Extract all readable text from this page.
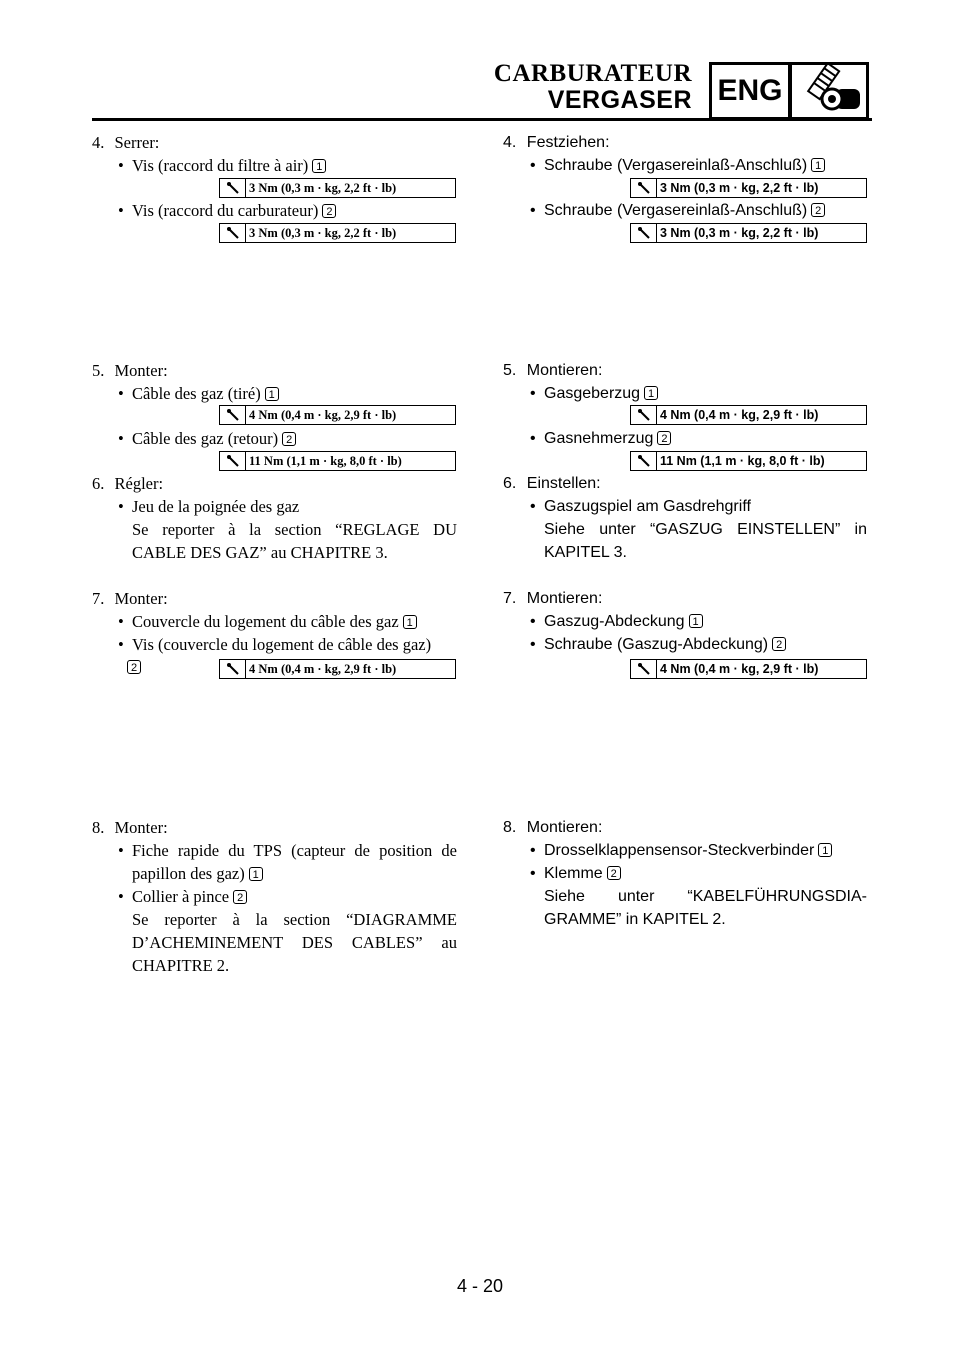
CARBURATEUR
VERGASER ENG
4. Serrer:
• Vis (raccord du filtre à air) 1
3 Nm (0,3 m · kg, 2,2 ft · lb)
• Vis (raccord du carburateur) 2
3 Nm (0,3 m · kg, 2,2 ft · lb)
5. Monter:
• Câble des gaz (tiré) 1
4 Nm (0,4 m · kg, 2,9 ft · lb)
• Câble des gaz (retour) 2
11 Nm (1,1 m · kg, 8,0 ft · lb)
6. Régler:
• Jeu de la poignée des gaz
Se reporter à la section “REGLAGE DU
CABLE DES GAZ” au CHAPITRE 3.
7. Monter:
• Couvercle du logement du câble des gaz 1
• Vis (couvercle du logement de câble des gaz)
2	4 Nm (0,4 m · kg, 2,9 ft · lb)
8. Monter:
• Fiche rapide du TPS (capteur de position de
papillon des gaz) 1
• Collier à pince 2
Se reporter à la section “DIAGRAMME
D’ACHEMINEMENT DES CABLES” au
CHAPITRE 2.
4. Festziehen:
• Schraube (Vergasereinlaß-Anschluß) 1
3 Nm (0,3 m · kg, 2,2 ft · lb)
• Schraube (Vergasereinlaß-Anschluß) 2
3 Nm (0,3 m · kg, 2,2 ft · lb)
5. Montieren:
• Gasgeberzug 1
4 Nm (0,4 m · kg, 2,9 ft · lb)
• Gasnehmerzug 2
11 Nm (1,1 m · kg, 8,0 ft · lb)
6. Einstellen:
• Gaszugspiel am Gasdrehgriff
Siehe unter “GASZUG EINSTELLEN” in
KAPITEL 3.
7. Montieren:
• Gaszug-Abdeckung 1
• Schraube (Gaszug-Abdeckung) 2
4 Nm (0,4 m · kg, 2,9 ft · lb)
8. Montieren:
• Drosselklappensensor-Steckverbinder 1
• Klemme 2
Siehe unter “KABELFÜHRUNGSDIA-
GRAMME” in KAPITEL 2.
4 - 20
